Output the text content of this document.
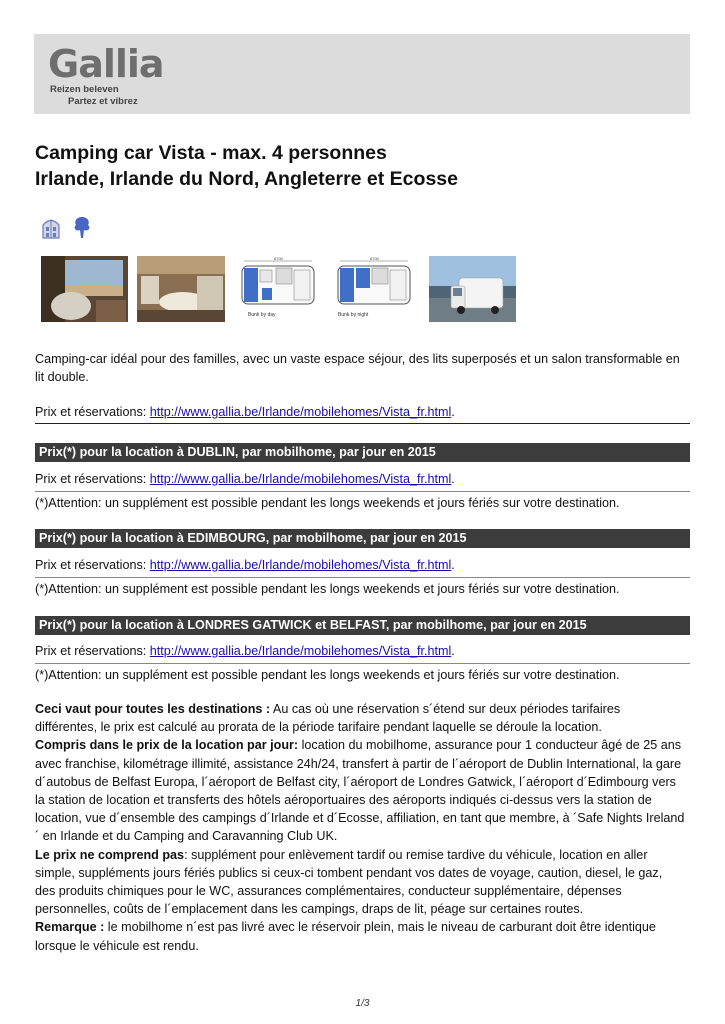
Gallia
Reizen beleven
Partez et vibrez
Camping car Vista - max. 4 personnes
Irlande, Irlande du Nord, Angleterre et Ecosse
6700
Bunk by day
6700
Bunk by night
Camping-car idéal pour des familles, avec un vaste espace séjour, des lits superposés et un salon transformable en lit double.
Prix et réservations: http://www.gallia.be/Irlande/mobilehomes/Vista_fr.html.
Prix(*) pour la location à DUBLIN, par mobilhome, par jour en 2015
Prix et réservations: http://www.gallia.be/Irlande/mobilehomes/Vista_fr.html.
(*)Attention: un supplément est possible pendant les longs weekends et jours fériés sur votre destination.
Prix(*) pour la location à EDIMBOURG, par mobilhome, par jour en 2015
Prix et réservations: http://www.gallia.be/Irlande/mobilehomes/Vista_fr.html.
(*)Attention: un supplément est possible pendant les longs weekends et jours fériés sur votre destination.
Prix(*) pour la location à LONDRES GATWICK et BELFAST, par mobilhome, par jour en 2015
Prix et réservations: http://www.gallia.be/Irlande/mobilehomes/Vista_fr.html.
(*)Attention: un supplément est possible pendant les longs weekends et jours fériés sur votre destination.
Ceci vaut pour toutes les destinations : Au cas où une réservation s´étend sur deux périodes tarifaires différentes, le prix est calculé au prorata de la période tarifaire pendant laquelle se déroule la location.
Compris dans le prix de la location par jour: location du mobilhome, assurance pour 1 conducteur âgé de 25 ans avec franchise, kilométrage illimité, assistance 24h/24, transfert à partir de l´aéroport de Dublin International, la gare d´autobus de Belfast Europa, l´aéroport de Belfast city, l´aéroport de Londres Gatwick, l´aéroport d´Edimbourg vers la station de location et transferts des hôtels aéroportuaires des aéroports indiqués ci-dessus vers la station de location, vue d´ensemble des campings d´Irlande et d´Ecosse, affiliation, en tant que membre, à ´Safe Nights Ireland´ en Irlande et du Camping and Caravanning Club UK.
Le prix ne comprend pas: supplément pour enlèvement tardif ou remise tardive du véhicule, location en aller simple, suppléments jours fériés publics si ceux-ci tombent pendant vos dates de voyage, caution, diesel, le gaz, des produits chimiques pour le WC, assurances complémentaires, conducteur supplémentaire, dépenses personnelles, coûts de l´emplacement dans les campings, draps de lit, péage sur certaines routes.
Remarque : le mobilhome n´est pas livré avec le réservoir plein, mais le niveau de carburant doit être identique lorsque le véhicule est rendu.
1/3
